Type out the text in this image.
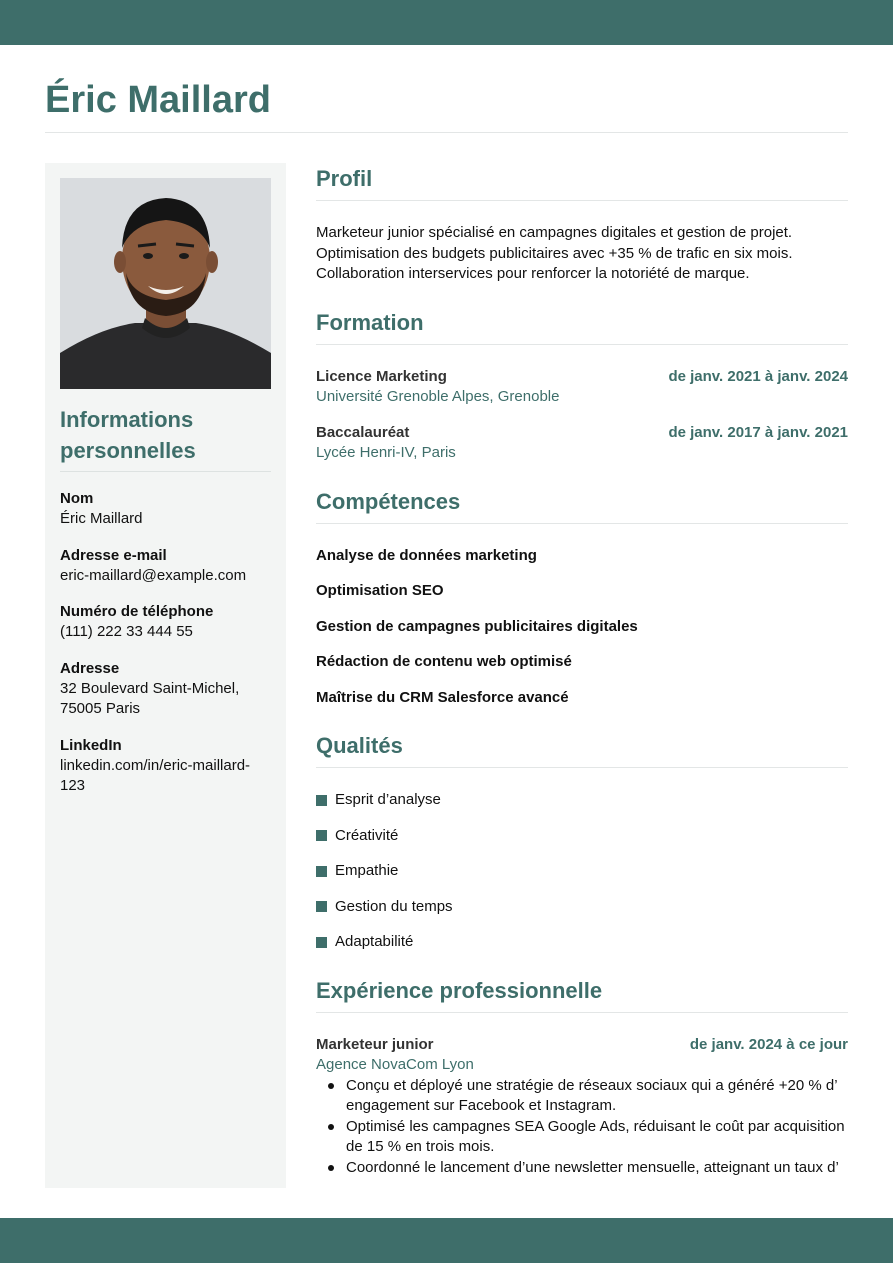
Éric Maillard
Informations personnelles
Nom
Éric Maillard
Adresse e-mail
eric-maillard@example.com
Numéro de téléphone
(111) 222 33 444 55
Adresse
32 Boulevard Saint-Michel, 75005 Paris
LinkedIn
linkedin.com/in/eric-maillard-123
Profil

Marketeur junior spécialisé en campagnes digitales et gestion de projet. Optimisation des budgets publicitaires avec +35 % de trafic en six mois. Collaboration interservices pour renforcer la notoriété de marque.

Formation
Licence Marketing	de janv. 2021 à janv. 2024
Université Grenoble Alpes, Grenoble
Baccalauréat	de janv. 2017 à janv. 2021
Lycée Henri-IV, Paris
Compétences
Analyse de données marketing
Optimisation SEO
Gestion de campagnes publicitaires digitales
Rédaction de contenu web optimisé
Maîtrise du CRM Salesforce avancé
Qualités
Esprit d’analyse
Créativité
Empathie
Gestion du temps
Adaptabilité
Expérience professionnelle
Marketeur junior	de janv. 2024 à ce jour
Agence NovaCom Lyon
Conçu et déployé une stratégie de réseaux sociaux qui a généré +20 % d’ engagement sur Facebook et Instagram.
Optimisé les campagnes SEA Google Ads, réduisant le coût par acquisition de 15 % en trois mois.
Coordonné le lancement d’une newsletter mensuelle, atteignant un taux d’
